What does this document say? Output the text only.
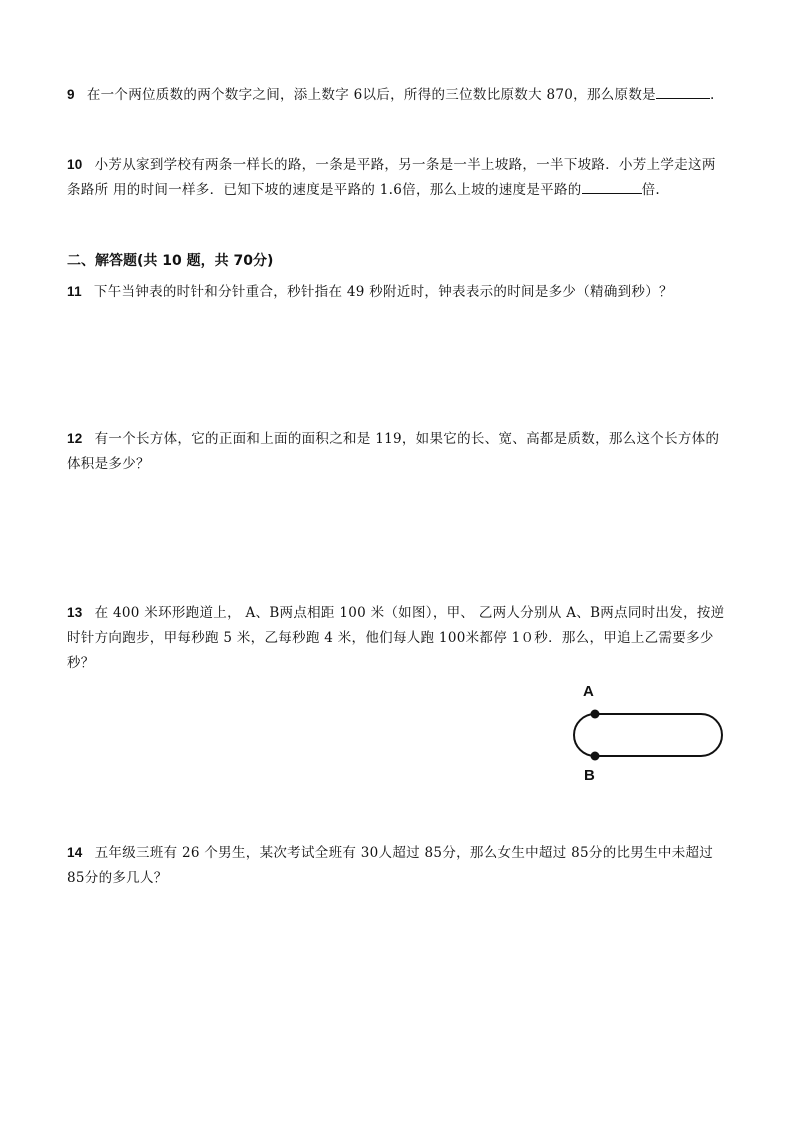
9 在一个两位质数的两个数字之间，添上数字 6以后，所得的三位数比原数大 870，那么原数是	.
10 小芳从家到学校有两条一样长的路，一条是平路，另一条是一半上坡路，一半下坡路．小芳上学走这两条路所 用的时间一样多．已知下坡的速度是平路的 1.6倍，那么上坡的速度是平路的	倍.
二、解答题(共 10 题，共 70分)
11 下午当钟表的时针和分针重合，秒针指在 49 秒附近时，钟表表示的时间是多少（精确到秒）？
12 有一个长方体，它的正面和上面的面积之和是 119，如果它的长、宽、高都是质数，那么这个长方体的体积是多少？
13 在 400 米环形跑道上， A、B两点相距 100 米（如图），甲、 乙两人分别从 A、B两点同时出发，按逆时针方向跑步，甲每秒跑 5 米，乙每秒跑 4 米，他们每人跑 100米都停 1０秒．那么，甲追上乙需要多少秒？
A
B
14 五年级三班有 26 个男生，某次考试全班有 30人超过 85分，那么女生中超过 85分的比男生中未超过 85分的多几人？
